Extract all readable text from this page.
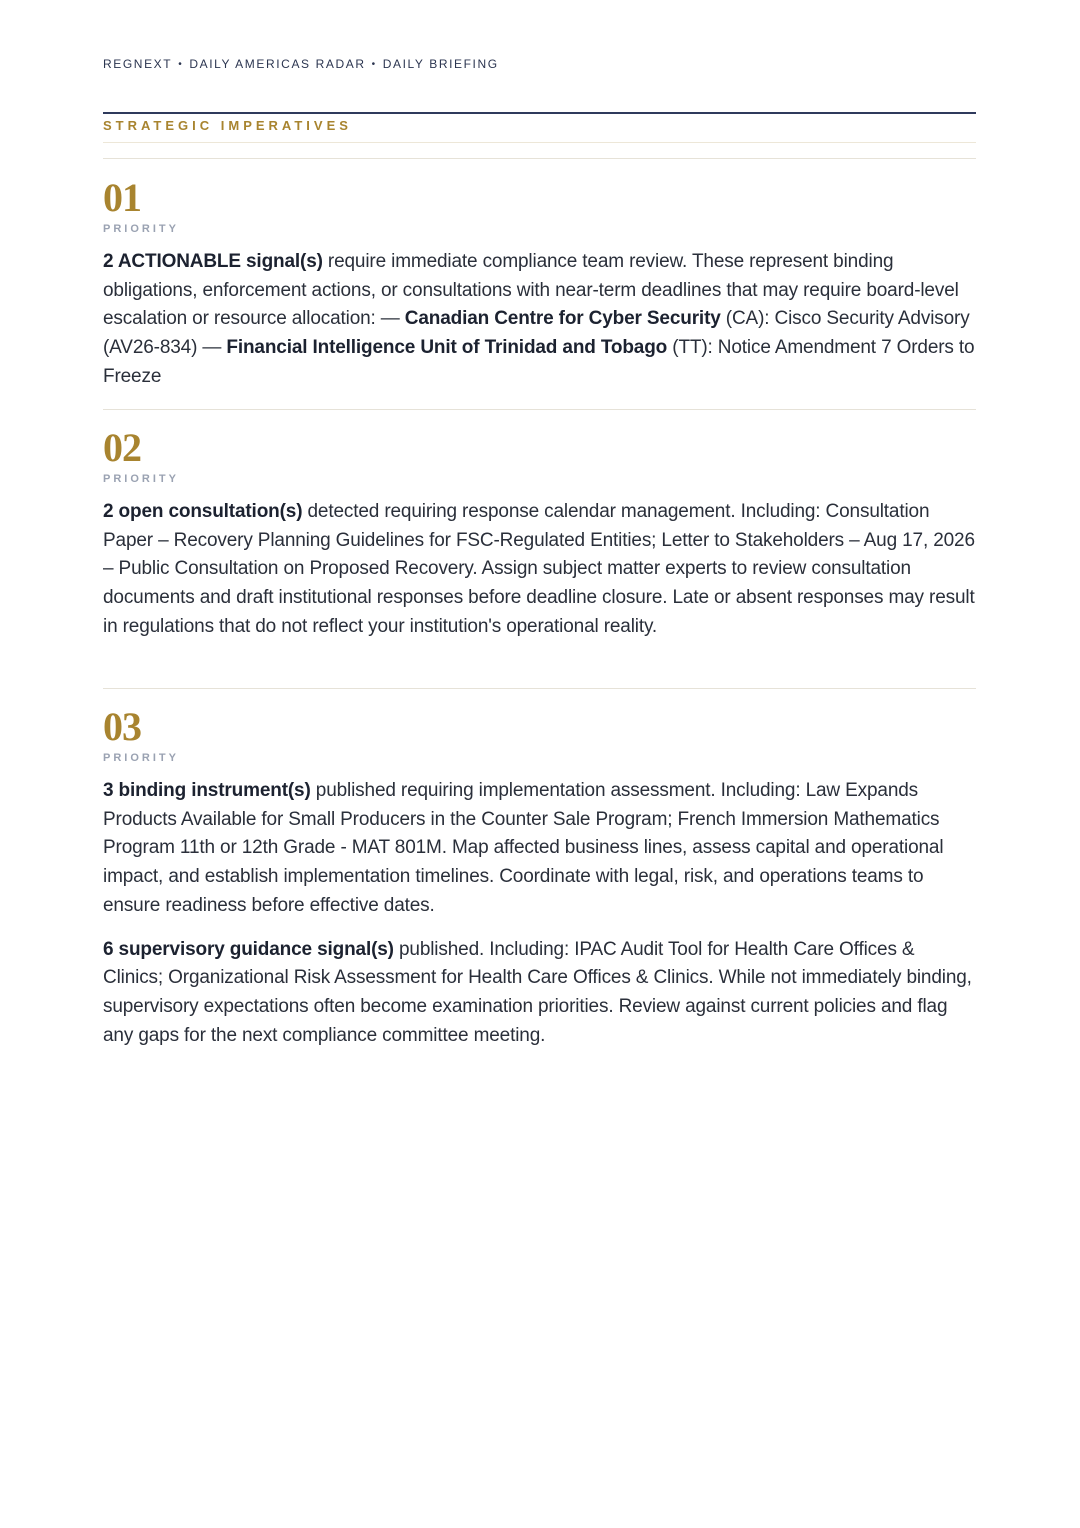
REGNEXT • DAILY AMERICAS RADAR • DAILY BRIEFING
STRATEGIC IMPERATIVES
01
PRIORITY

2 ACTIONABLE signal(s) require immediate compliance team review. These represent binding obligations, enforcement actions, or consultations with near-term deadlines that may require board-level escalation or resource allocation: — Canadian Centre for Cyber Security (CA): Cisco Security Advisory (AV26-834) — Financial Intelligence Unit of Trinidad and Tobago (TT): Notice Amendment 7 Orders to Freeze

02
PRIORITY

2 open consultation(s) detected requiring response calendar management. Including: Consultation Paper – Recovery Planning Guidelines for FSC-Regulated Entities; Letter to Stakeholders – Aug 17, 2026 – Public Consultation on Proposed Recovery. Assign subject matter experts to review consultation documents and draft institutional responses before deadline closure. Late or absent responses may result in regulations that do not reflect your institution's operational reality.

03
PRIORITY

3 binding instrument(s) published requiring implementation assessment. Including: Law Expands Products Available for Small Producers in the Counter Sale Program; French Immersion Mathematics Program 11th or 12th Grade - MAT 801M. Map affected business lines, assess capital and operational impact, and establish implementation timelines. Coordinate with legal, risk, and operations teams to ensure readiness before effective dates.

6 supervisory guidance signal(s) published. Including: IPAC Audit Tool for Health Care Offices & Clinics; Organizational Risk Assessment for Health Care Offices & Clinics. While not immediately binding, supervisory expectations often become examination priorities. Review against current policies and flag any gaps for the next compliance committee meeting.
